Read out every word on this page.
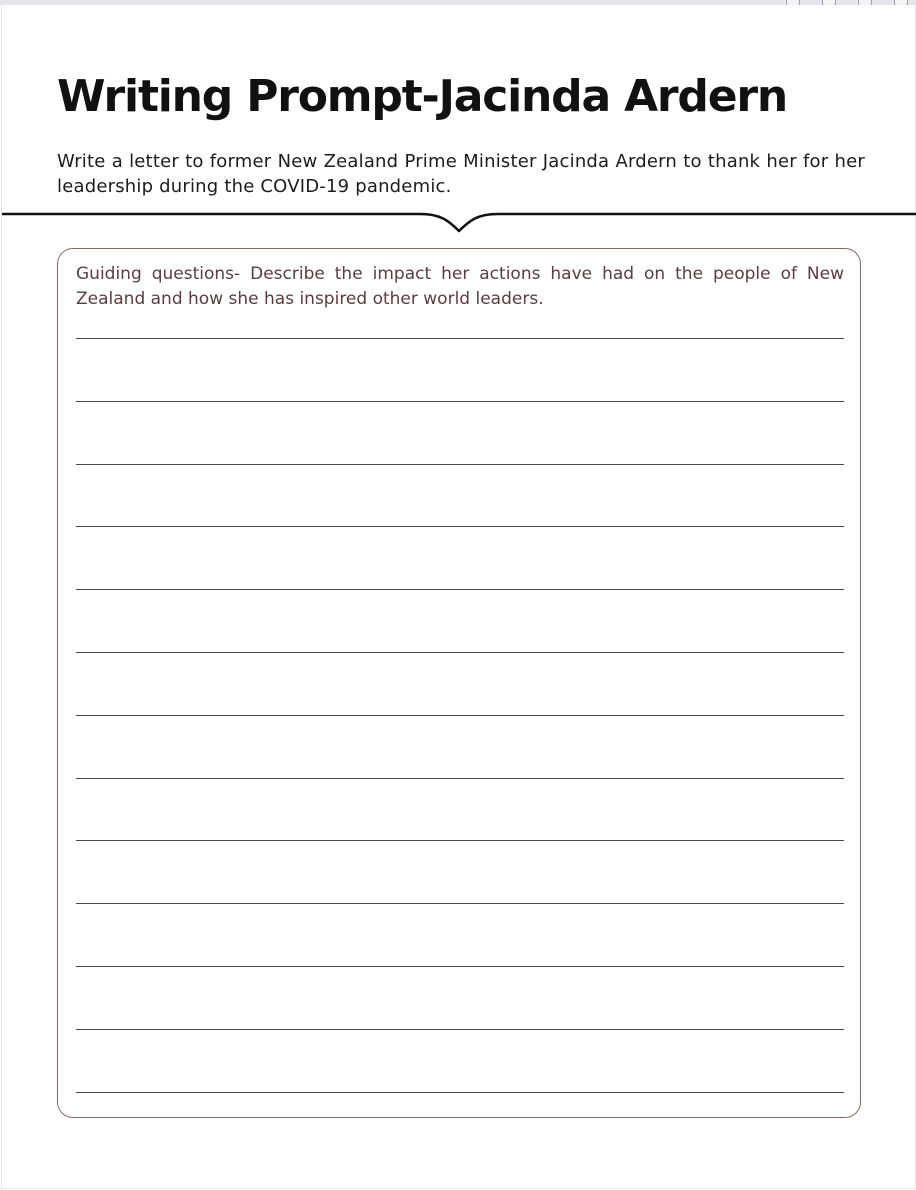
Writing Prompt-Jacinda Ardern

Write a letter to former New Zealand Prime Minister Jacinda Ardern to thank her for her leadership during the COVID-19 pandemic.

Guiding questions- Describe the impact her actions have had on the people of New Zealand and how she has inspired other world leaders.
